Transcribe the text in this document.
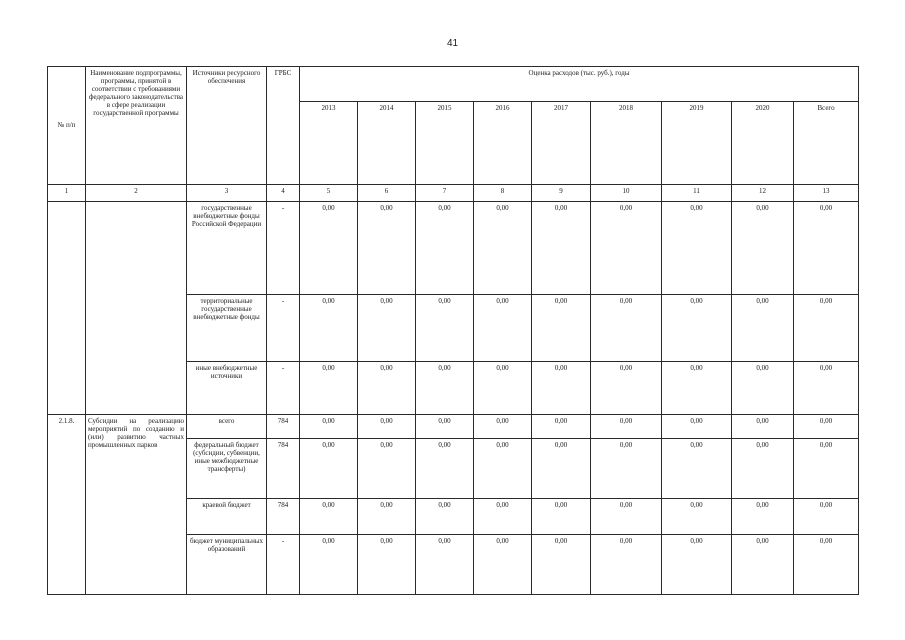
41
№ п/п	Наименование подпрограммы, программы, принятой в соответствии с требованиями федерального законодательства в сфере реализации государственной программы	Источники ресурсного обеспечения	ГРБС	Оценка расходов (тыс. руб.), годы								
				2013	2014	2015	2016	2017	2018	2019	2020	Всего
1	2	3	4	5	6	7	8	9	10	11	12	13
		государственные внебюджетные фонды Российской Федерации	-	0,00	0,00	0,00	0,00	0,00	0,00	0,00	0,00	0,00
		территориальные государственные внебюджетные фонды	-	0,00	0,00	0,00	0,00	0,00	0,00	0,00	0,00	0,00
		иные внебюджетные источники	-	0,00	0,00	0,00	0,00	0,00	0,00	0,00	0,00	0,00
2.1.8.	Субсидии на реализацию мероприятий по созданию и (или) развитию частных промышленных парков	всего	784	0,00	0,00	0,00	0,00	0,00	0,00	0,00	0,00	0,00
		федеральный бюджет (субсидии, субвенции, иные межбюджетные трансферты)	784	0,00	0,00	0,00	0,00	0,00	0,00	0,00	0,00	0,00
		краевой бюджет	784	0,00	0,00	0,00	0,00	0,00	0,00	0,00	0,00	0,00
		бюджет муниципальных образований	-	0,00	0,00	0,00	0,00	0,00	0,00	0,00	0,00	0,00
